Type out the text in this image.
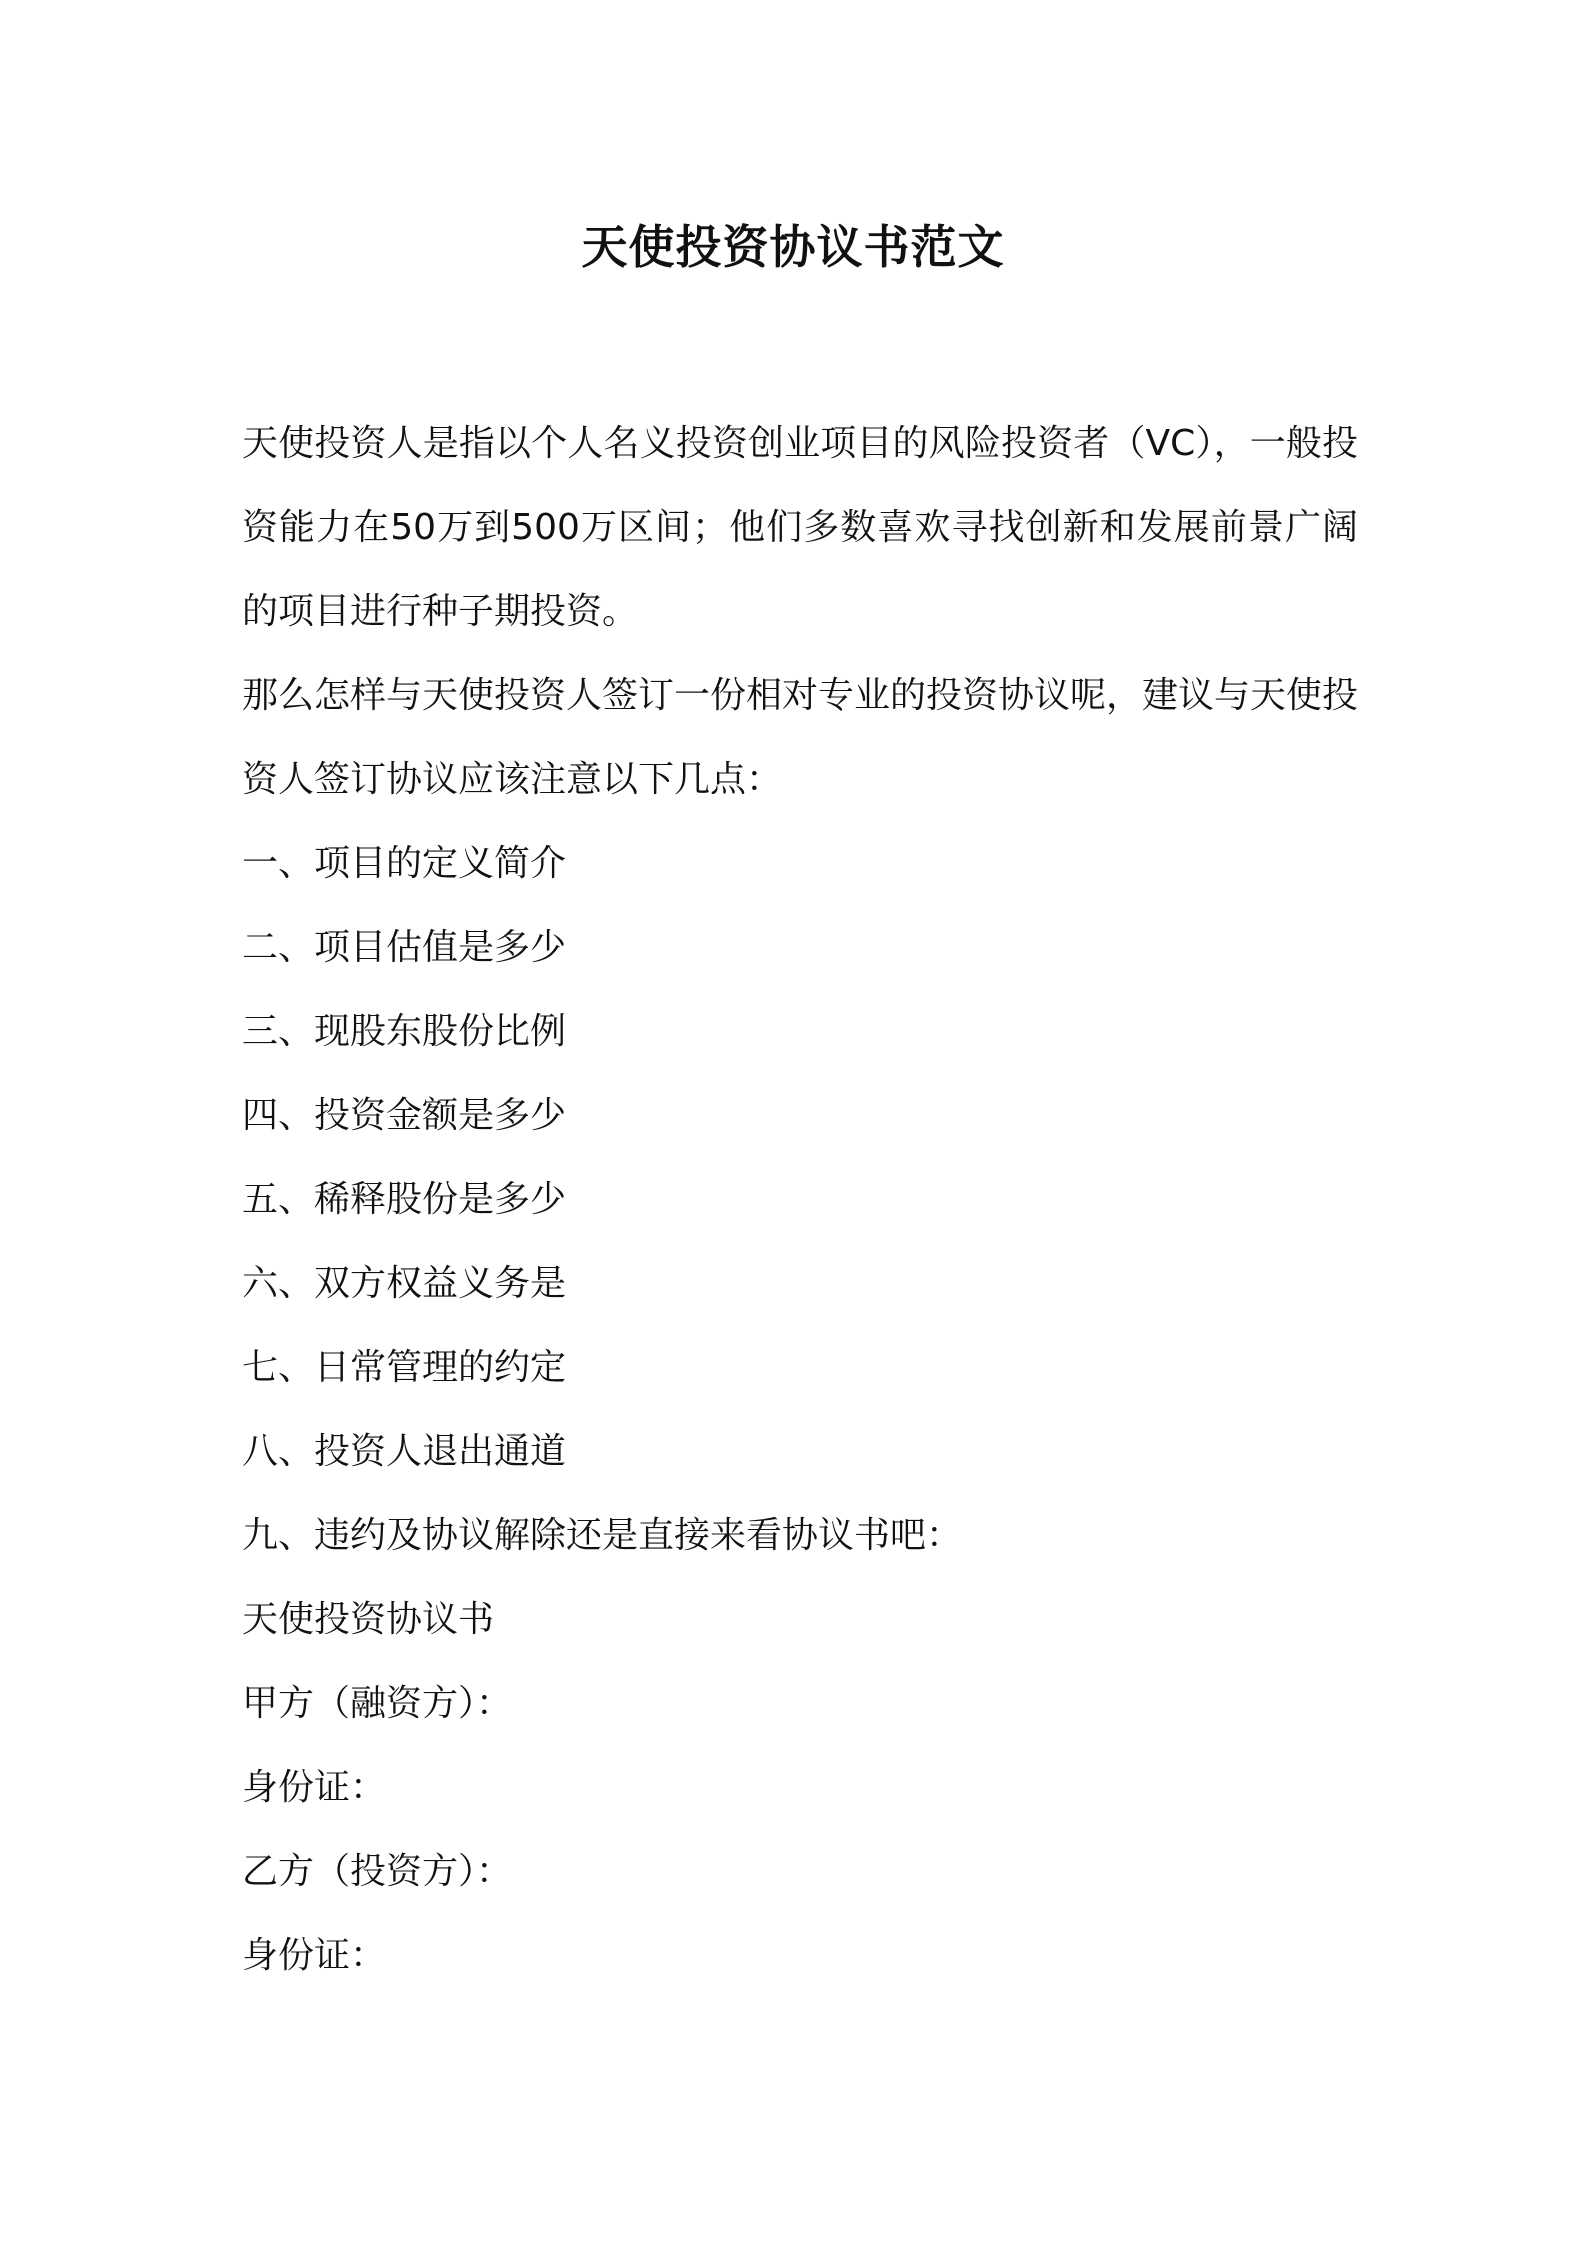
天使投资协议书范文

天使投资人是指以个人名义投资创业项目的风险投资者（VC），一般投资能力在50万到500万区间；他们多数喜欢寻找创新和发展前景广阔的项目进行种子期投资。

那么怎样与天使投资人签订一份相对专业的投资协议呢，建议与天使投资人签订协议应该注意以下几点：

一、项目的定义简介

二、项目估值是多少

三、现股东股份比例

四、投资金额是多少

五、稀释股份是多少

六、双方权益义务是

七、日常管理的约定

八、投资人退出通道

九、违约及协议解除还是直接来看协议书吧：

天使投资协议书

甲方（融资方）：

身份证：

乙方（投资方）：

身份证：
